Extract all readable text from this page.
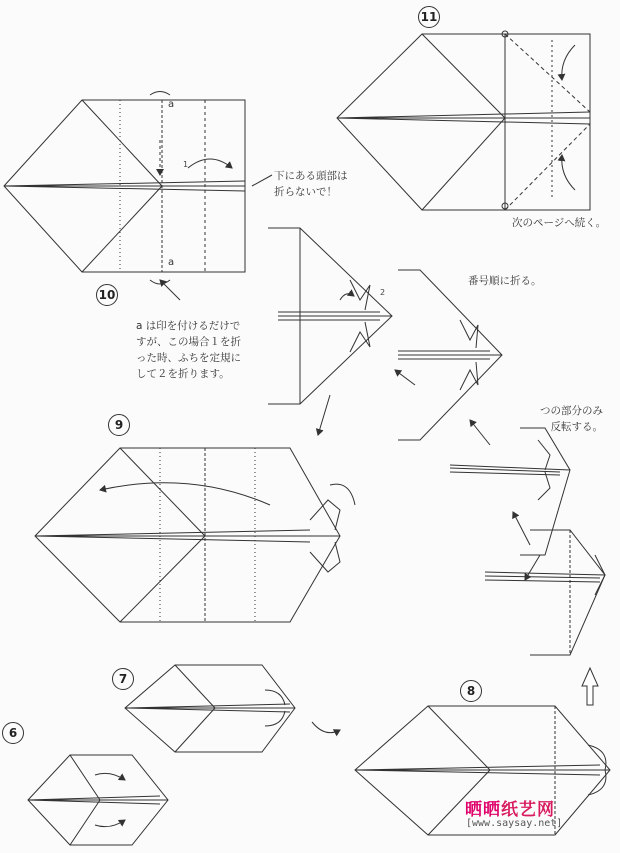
11
10
9
8
7
6
a
a
1
2
下にある頭部は
折らないで！
次のページへ続く。
番号順に折る。
つの部分のみ
反転する。
a は印を付けるだけで
すが、この場合１を折
った時、ふちを定規に
して２を折ります。
晒晒纸艺网
[www.saysay.net]
